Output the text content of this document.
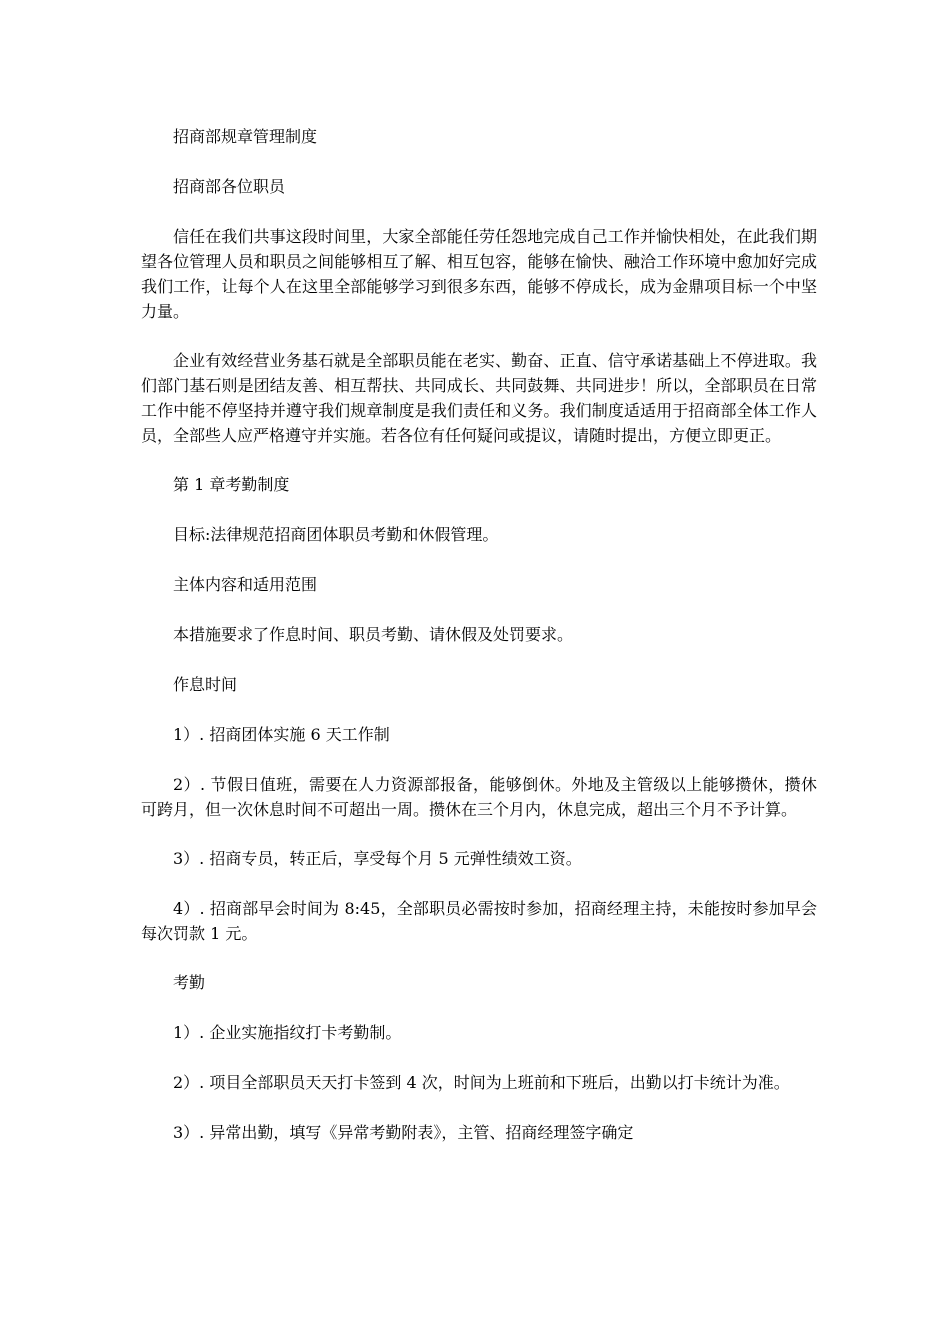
招商部规章管理制度

招商部各位职员

信任在我们共事这段时间里，大家全部能任劳任怨地完成自己工作并愉快相处，在此我们期望各位管理人员和职员之间能够相互了解、相互包容，能够在愉快、融洽工作环境中愈加好完成我们工作，让每个人在这里全部能够学习到很多东西，能够不停成长，成为金鼎项目标一个中坚力量。

企业有效经营业务基石就是全部职员能在老实、勤奋、正直、信守承诺基础上不停进取。我们部门基石则是团结友善、相互帮扶、共同成长、共同鼓舞、共同进步！所以，全部职员在日常工作中能不停坚持并遵守我们规章制度是我们责任和义务。我们制度适适用于招商部全体工作人员，全部些人应严格遵守并实施。若各位有任何疑问或提议，请随时提出，方便立即更正。

第 1 章考勤制度

目标:法律规范招商团体职员考勤和休假管理。

主体内容和适用范围

本措施要求了作息时间、职员考勤、请休假及处罚要求。

作息时间

1）. 招商团体实施 6 天工作制

2）. 节假日值班，需要在人力资源部报备，能够倒休。外地及主管级以上能够攒休，攒休可跨月，但一次休息时间不可超出一周。攒休在三个月内，休息完成，超出三个月不予计算。

3）. 招商专员，转正后，享受每个月 5 元弹性绩效工资。

4）. 招商部早会时间为 8:45，全部职员必需按时参加，招商经理主持，未能按时参加早会每次罚款 1 元。

考勤

1）. 企业实施指纹打卡考勤制。

2）. 项目全部职员天天打卡签到 4 次，时间为上班前和下班后，出勤以打卡统计为准。

3）. 异常出勤，填写《异常考勤附表》，主管、招商经理签字确定
